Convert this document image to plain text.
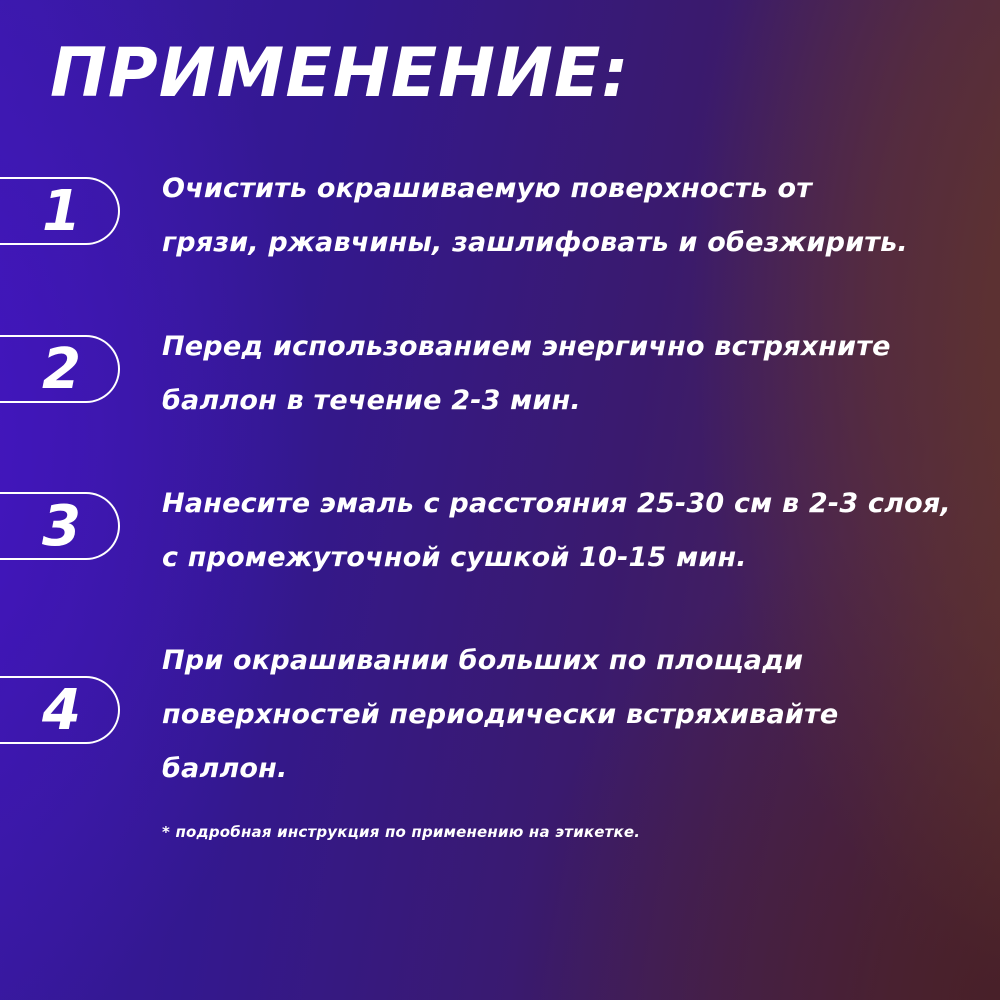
ПРИМЕНЕНИЕ:
1	Очистить окрашиваемую поверхность от
грязи, ржавчины, зашлифовать и обезжирить.

2	Перед использованием энергично встряхните
баллон в течение 2-3 мин.

3	Нанесите эмаль с расстояния 25-30 см в 2-3 слоя,
с промежуточной сушкой 10-15 мин.

4

При окрашивании больших по площади
поверхностей периодически встряхивайте
баллон.

* подробная инструкция по применению на этикетке.
